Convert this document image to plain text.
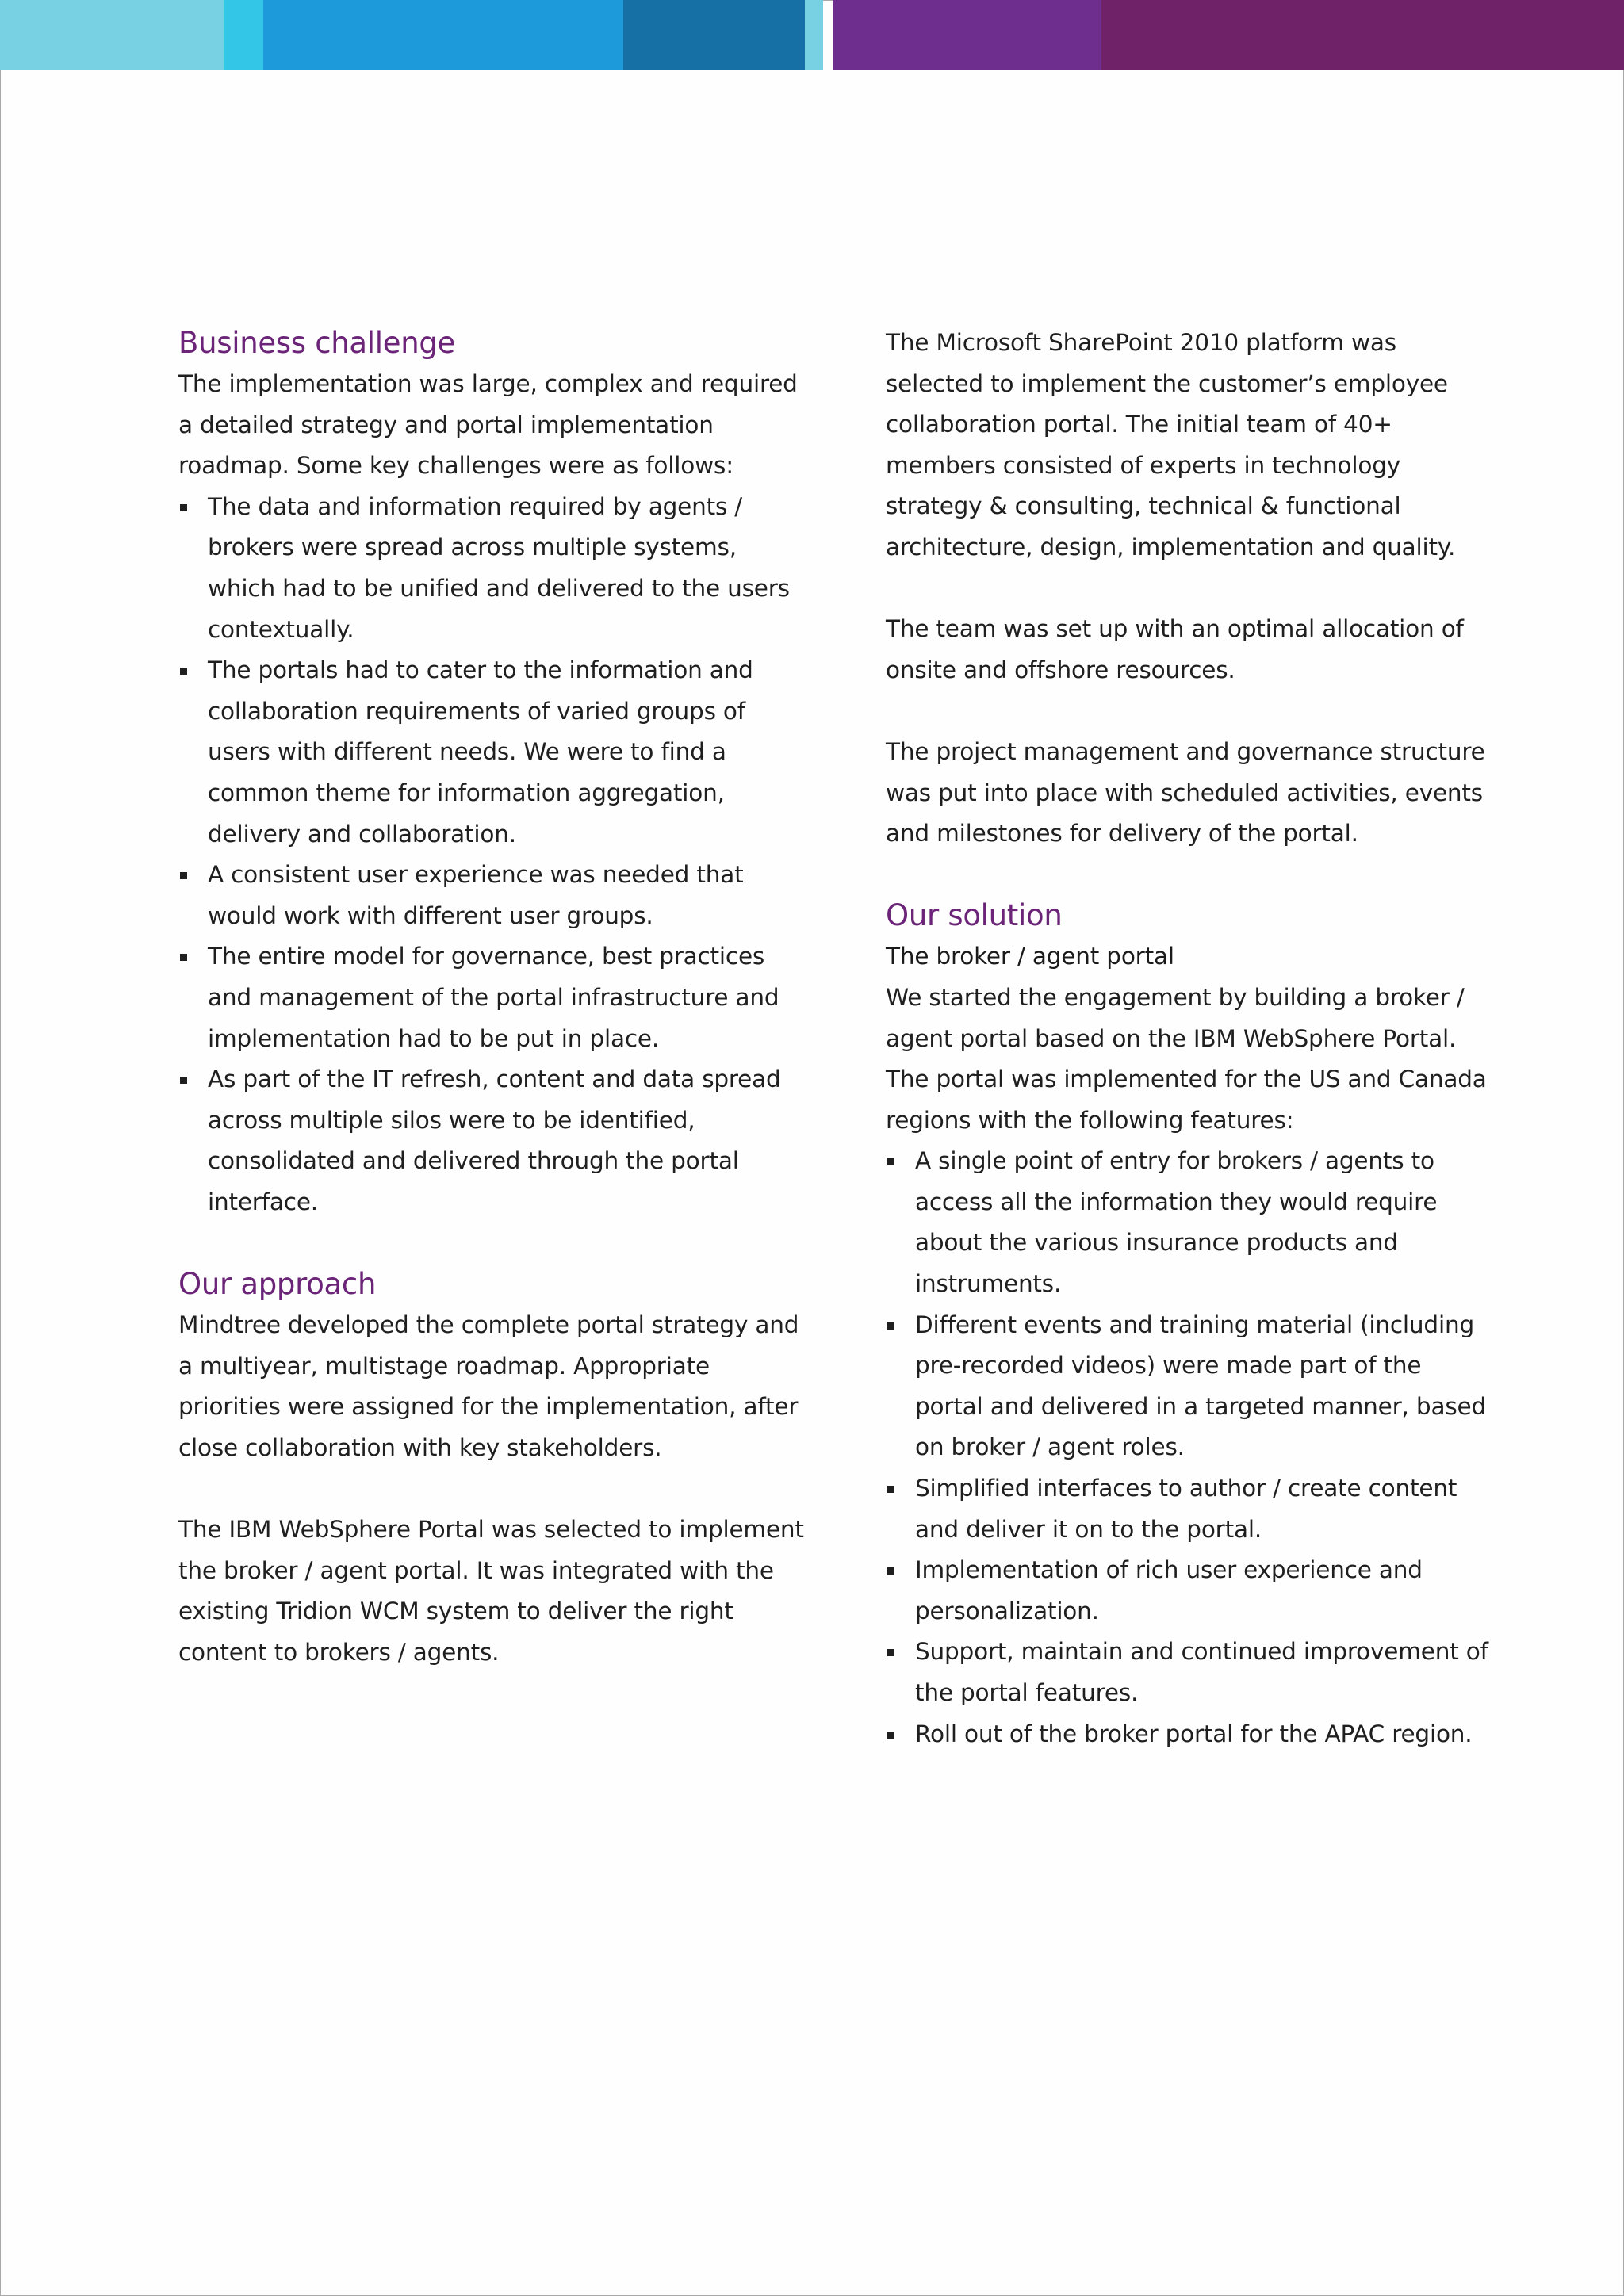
Business challenge

The implementation was large, complex and required a detailed strategy and portal implementation roadmap. Some key challenges were as follows:

The data and information required by agents / brokers were spread across multiple systems, which had to be unified and delivered to the users contextually.
The portals had to cater to the information and collaboration requirements of varied groups of users with different needs. We were to find a common theme for information aggregation, delivery and collaboration.
A consistent user experience was needed that would work with different user groups.
The entire model for governance, best practices and management of the portal infrastructure and implementation had to be put in place.
As part of the IT refresh, content and data spread across multiple silos were to be identified, consolidated and delivered through the portal interface.
Our approach

Mindtree developed the complete portal strategy and a multiyear, multistage roadmap. Appropriate priorities were assigned for the implementation, after close collaboration with key stakeholders.

The IBM WebSphere Portal was selected to implement the broker / agent portal. It was integrated with the existing Tridion WCM system to deliver the right content to brokers / agents.

The Microsoft SharePoint 2010 platform was selected to implement the customer’s employee collaboration portal. The initial team of 40+ members consisted of experts in technology strategy & consulting, technical & functional architecture, design, implementation and quality.

The team was set up with an optimal allocation of onsite and offshore resources.

The project management and governance structure was put into place with scheduled activities, events and milestones for delivery of the portal.

Our solution
The broker / agent portal

We started the engagement by building a broker / agent portal based on the IBM WebSphere Portal. The portal was implemented for the US and Canada regions with the following features:

A single point of entry for brokers / agents to access all the information they would require about the various insurance products and instruments.
Different events and training material (including pre-recorded videos) were made part of the portal and delivered in a targeted manner, based on broker / agent roles.
Simplified interfaces to author / create content and deliver it on to the portal.
Implementation of rich user experience and personalization.
Support, maintain and continued improvement of the portal features.
Roll out of the broker portal for the APAC region.
